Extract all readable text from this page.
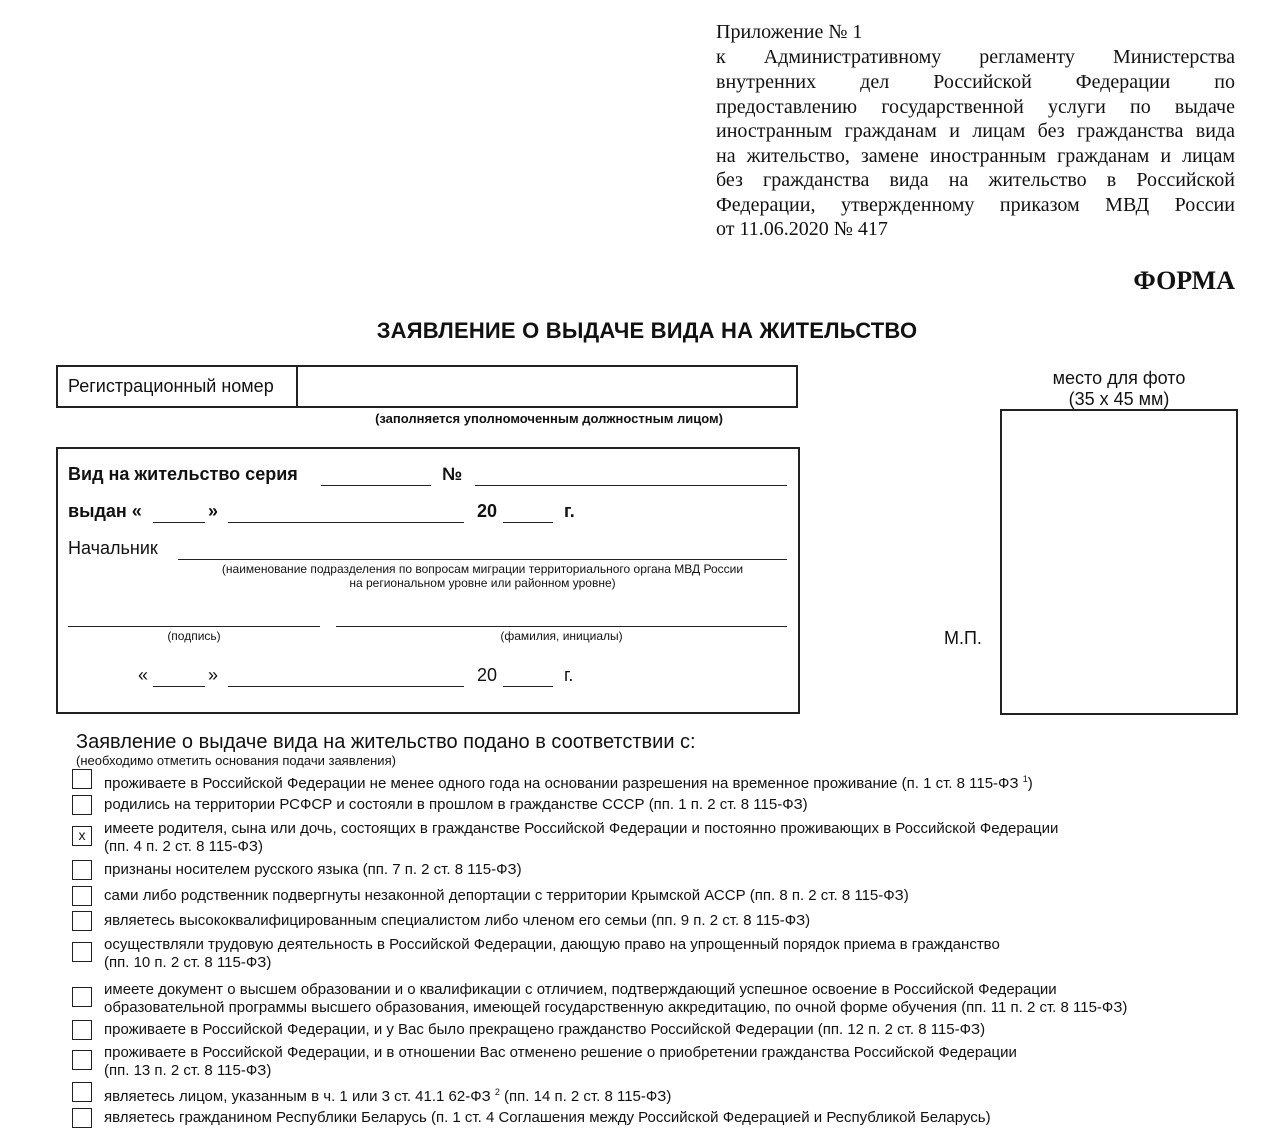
Приложение № 1
к Административному регламенту Министерства
внутренних дел Российской Федерации по
предоставлению государственной услуги по выдаче
иностранным гражданам и лицам без гражданства вида
на жительство, замене иностранным гражданам и лицам
без гражданства вида на жительство в Российской
Федерации, утвержденному приказом МВД России
от 11.06.2020 № 417
ФОРМА
ЗАЯВЛЕНИЕ О ВЫДАЧЕ ВИДА НА ЖИТЕЛЬСТВО
Регистрационный номер
(заполняется уполномоченным должностным лицом)
Вид на жительство серия	№
выдан «	»	20	г.
Начальник
(наименование подразделения по вопросам миграции территориального органа МВД России
на региональном уровне или районном уровне)
(подпись)	(фамилия, инициалы)
«	»	20	г.
место для фото
(35 х 45 мм)
М.П.
Заявление о выдаче вида на жительство подано в соответствии с:
(необходимо отметить основания подачи заявления)
проживаете в Российской Федерации не менее одного года на основании разрешения на временное проживание (п. 1 ст. 8 115-ФЗ $^1$)
родились на территории РСФСР и состояли в прошлом в гражданстве СССР (пп. 1 п. 2 ст. 8 115-ФЗ)
x	имеете родителя, сына или дочь, состоящих в гражданстве Российской Федерации и постоянно проживающих в Российской Федерации
(пп. 4 п. 2 ст. 8 115-ФЗ)
признаны носителем русского языка (пп. 7 п. 2 ст. 8 115-ФЗ)
сами либо родственник подвергнуты незаконной депортации с территории Крымской АССР (пп. 8 п. 2 ст. 8 115-ФЗ)
являетесь высококвалифицированным специалистом либо членом его семьи (пп. 9 п. 2 ст. 8 115-ФЗ)
осуществляли трудовую деятельность в Российской Федерации, дающую право на упрощенный порядок приема в гражданство
(пп. 10 п. 2 ст. 8 115-ФЗ)
имеете документ о высшем образовании и о квалификации с отличием, подтверждающий успешное освоение в Российской Федерации
образовательной программы высшего образования, имеющей государственную аккредитацию, по очной форме обучения (пп. 11 п. 2 ст. 8 115-ФЗ)
проживаете в Российской Федерации, и у Вас было прекращено гражданство Российской Федерации (пп. 12 п. 2 ст. 8 115-ФЗ)
проживаете в Российской Федерации, и в отношении Вас отменено решение о приобретении гражданства Российской Федерации
(пп. 13 п. 2 ст. 8 115-ФЗ)
являетесь лицом, указанным в ч. 1 или 3 ст. 41.1 62-ФЗ $^2$ (пп. 14 п. 2 ст. 8 115-ФЗ)
являетесь гражданином Республики Беларусь (п. 1 ст. 4 Соглашения между Российской Федерацией и Республикой Беларусь)
